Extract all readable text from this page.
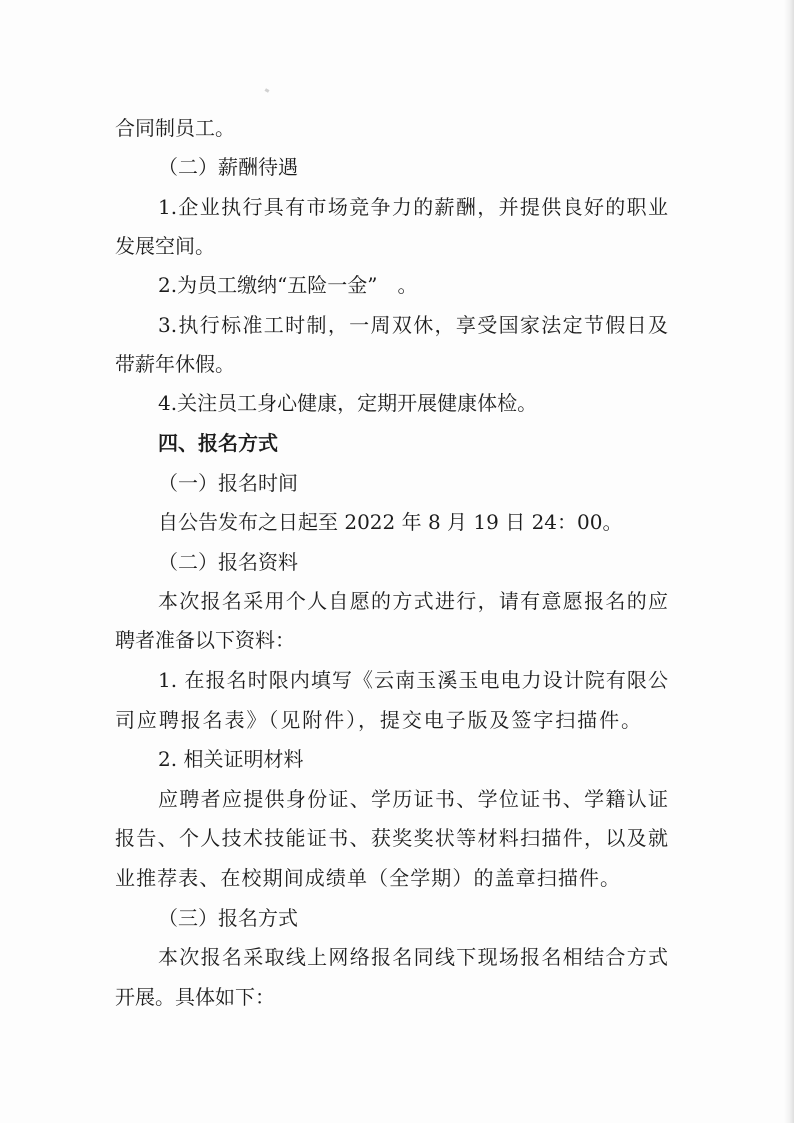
合同制员工。
（二）薪酬待遇
1.企业执行具有市场竞争力的薪酬，并提供良好的职业
发展空间。
2.为员工缴纳“五险一金”　。
3.执行标准工时制，一周双休，享受国家法定节假日及
带薪年休假。
4.关注员工身心健康，定期开展健康体检。
四、报名方式
（一）报名时间
自公告发布之日起至 2022 年 8 月 19 日 24：00。
（二）报名资料
本次报名采用个人自愿的方式进行，请有意愿报名的应
聘者准备以下资料：
1. 在报名时限内填写《云南玉溪玉电电力设计院有限公
司应聘报名表》（见附件），提交电子版及签字扫描件。
2. 相关证明材料
应聘者应提供身份证、学历证书、学位证书、学籍认证
报告、个人技术技能证书、获奖奖状等材料扫描件，以及就
业推荐表、在校期间成绩单（全学期）的盖章扫描件。
（三）报名方式
本次报名采取线上网络报名同线下现场报名相结合方式
开展。具体如下：
